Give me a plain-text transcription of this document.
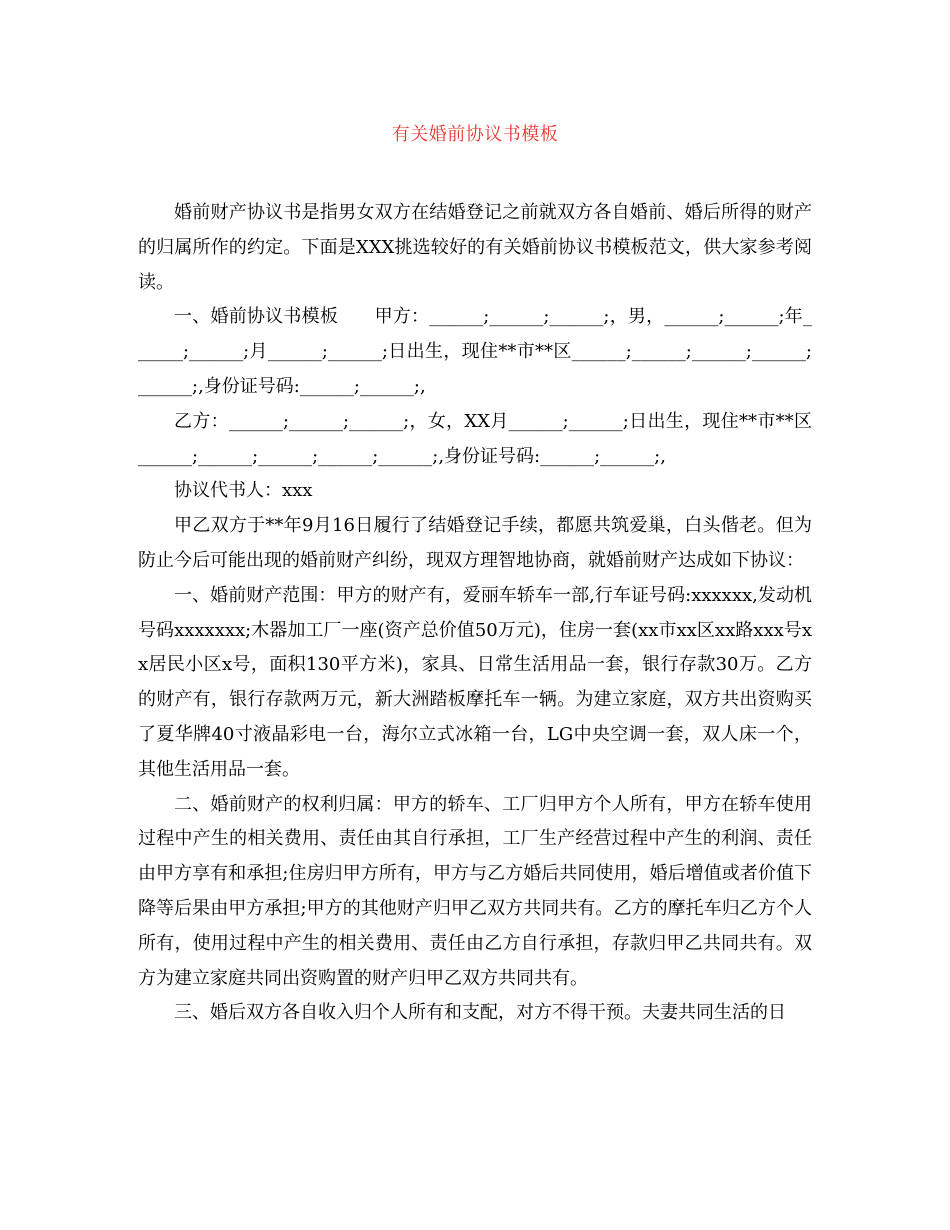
有关婚前协议书模板

婚前财产协议书是指男女双方在结婚登记之前就双方各自婚前、婚后所得的财产的归属所作的约定。下面是XXX挑选较好的有关婚前协议书模板范文，供大家参考阅读。

一、婚前协议书模板　　甲方：______;______;______;，男，______;______;年______;______;月______;______;日出生，现住**市**区______;______;______;______;______;,身份证号码:______;______;,

乙方：______;______;______;，女，XX月______;______;日出生，现住**市**区______;______;______;______;______;,身份证号码:______;______;,

协议代书人：xxx

甲乙双方于**年9月16日履行了结婚登记手续，都愿共筑爱巢，白头偕老。但为防止今后可能出现的婚前财产纠纷，现双方理智地协商，就婚前财产达成如下协议：

一、婚前财产范围：甲方的财产有，爱丽车轿车一部,行车证号码:xxxxxx,发动机号码xxxxxxx;木器加工厂一座(资产总价值50万元)，住房一套(xx市xx区xx路xxx号xx居民小区x号，面积130平方米)，家具、日常生活用品一套，银行存款30万。乙方的财产有，银行存款两万元，新大洲踏板摩托车一辆。为建立家庭，双方共出资购买了夏华牌40寸液晶彩电一台，海尔立式冰箱一台，LG中央空调一套，双人床一个，其他生活用品一套。

二、婚前财产的权利归属：甲方的轿车、工厂归甲方个人所有，甲方在轿车使用过程中产生的相关费用、责任由其自行承担，工厂生产经营过程中产生的利润、责任由甲方享有和承担;住房归甲方所有，甲方与乙方婚后共同使用，婚后增值或者价值下降等后果由甲方承担;甲方的其他财产归甲乙双方共同共有。乙方的摩托车归乙方个人所有，使用过程中产生的相关费用、责任由乙方自行承担，存款归甲乙共同共有。双方为建立家庭共同出资购置的财产归甲乙双方共同共有。

三、婚后双方各自收入归个人所有和支配，对方不得干预。夫妻共同生活的日
